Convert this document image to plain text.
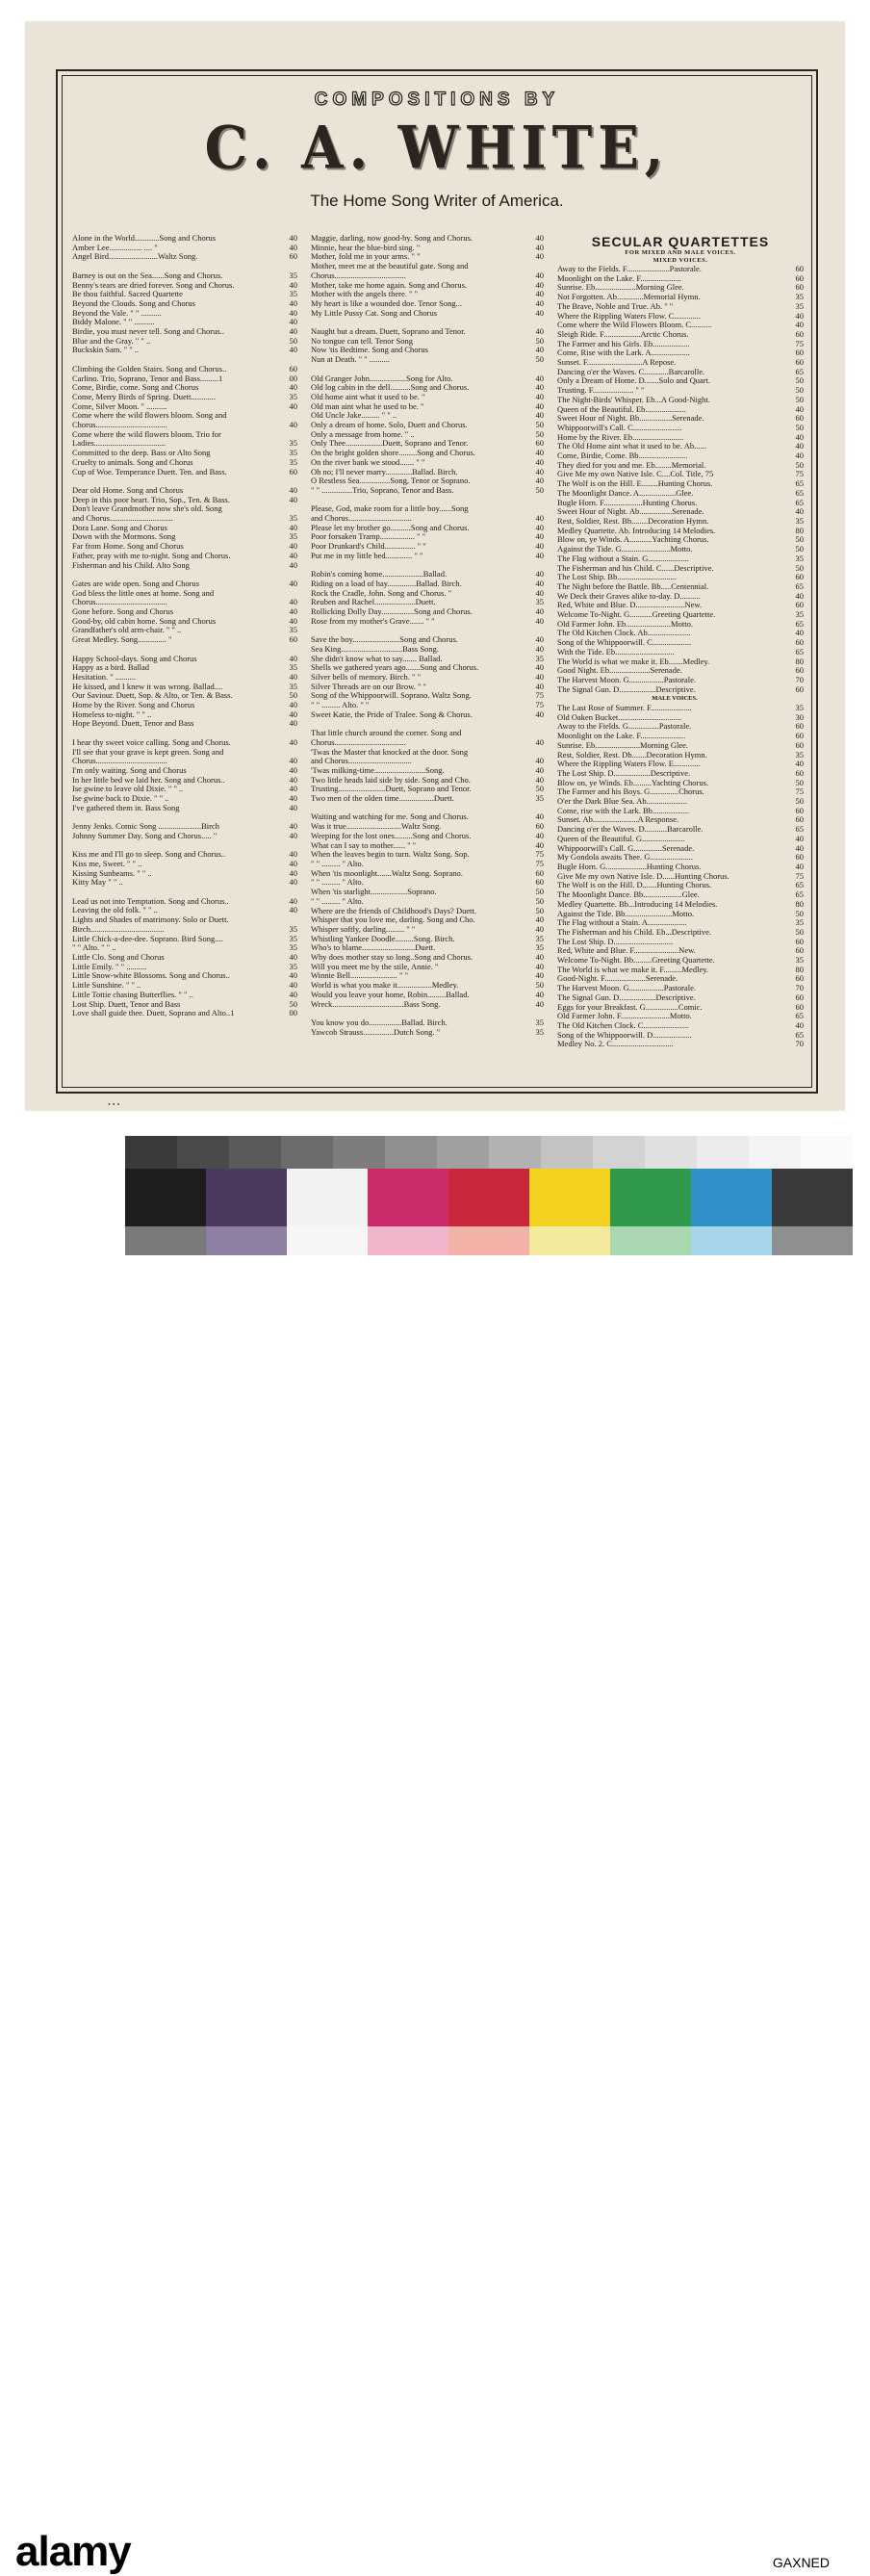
COMPOSITIONS BY
C. A. WHITE,
The Home Song Writer of America.
Alone in the World............Song and Chorus	40
Amber Lee................ .... "	40
Angel Bird........................Waltz Song.	60
Barney is out on the Sea......Song and Chorus.	35
Benny's tears are dried forever. Song and Chorus.	40
Be thou faithful. Sacred Quartette	35
Beyond the Clouds. Song and Chorus	40
Beyond the Vale. " " ..........	40
Biddy Malone. " " ..........	40
Birdie, you must never tell. Song and Chorus..	40
Blue and the Gray. " " ..	50
Buckskin Sam. " " ..	40
Climbing the Golden Stairs. Song and Chorus..	60
Carlino. Trio, Soprano, Tenor and Bass.........1	00
Come, Birdie, come. Song and Chorus	40
Come, Merry Birds of Spring. Duett............	35
Come, Silver Moon. " ..........	40
Come where the wild flowers bloom. Song and
Chorus...................................	40
Come where the wild flowers bloom. Trio for
Ladies...................................	35
Committed to the deep. Bass or Alto Song	35
Cruelty to animals. Song and Chorus	35
Cup of Woe. Temperance Duett. Ten. and Bass.	60
Dear old Home. Song and Chorus	40
Deep in this poor heart. Trio, Sop., Ten. & Bass.	40
Don't leave Grandmother now she's old. Song
and Chorus...............................	35
Dora Lane. Song and Chorus	40
Down with the Mormons. Song	35
Far from Home. Song and Chorus	40
Father, pray with me to-night. Song and Chorus.	40
Fisherman and his Child. Alto Song	40
Gates are wide open. Song and Chorus	40
God bless the little ones at home. Song and
Chorus...................................	40
Gone before. Song and Chorus	40
Good-by, old cabin home. Song and Chorus	40
Grandfather's old arm-chair. " " ..	35
Great Medley. Song.............. "	60
Happy School-days. Song and Chorus	40
Happy as a bird. Ballad	35
Hesitation. " ..........	40
He kissed, and I knew it was wrong. Ballad....	35
Our Saviour. Duett, Sop. & Alto, or Ten. & Bass.	50
Home by the River. Song and Chorus	40
Homeless to-night. " " ..	40
Hope Beyond. Duett, Tenor and Bass	40
I hear thy sweet voice calling. Song and Chorus.	40
I'll see that your grave is kept green. Song and
Chorus...................................	40
I'm only waiting. Song and Chorus	40
In her little bed we laid her. Song and Chorus..	40
Ise gwine to leave old Dixie. " " ..	40
Ise gwine back to Dixie. " " ..	40
I've gathered them in. Bass Song	40
Jenny Jenks. Comic Song .....................Birch	40
Johnny Summer Day. Song and Chorus..... "	40
Kiss me and I'll go to sleep. Song and Chorus..	40
Kiss me, Sweet. " " ..	40
Kissing Sunbeams. " " ..	40
Kitty May " " ..	40
Lead us not into Temptation. Song and Chorus..	40
Leaving the old folk. " " ..	40
Lights and Shades of matrimony. Solo or Duett.
Birch....................................	35
Little Chick-a-dee-dee. Soprano. Bird Song....	35
" " Alto. " " ..	35
Little Clo. Song and Chorus	40
Little Emily. " " ..........	35
Little Snow-white Blossoms. Song and Chorus..	40
Little Sunshine. " " ..	40
Little Tottie chasing Butterflies. " " ..	40
Lost Ship. Duett, Tenor and Bass	50
Love shall guide thee. Duett, Soprano and Alto..1	00
Maggie, darling, now good-by. Song and Chorus.	40
Minnie, hear the blue-bird sing. "	40
Mother, fold me in your arms. " "	40
Mother, meet me at the beautiful gate. Song and
Chorus...................................	40
Mother, take me home again. Song and Chorus.	40
Mother with the angels there. " "	40
My heart is like a wounded doe. Tenor Song...	40
My Little Pussy Cat. Song and Chorus	40
Naught but a dream. Duett, Soprano and Tenor.	40
No tongue can tell. Tenor Song	50
Now 'tis Bedtime. Song and Chorus	40
Nun at Death. " " ..........	50
Old Granger John..................Song for Alto.	40
Old log cabin in the dell..........Song and Chorus.	40
Old home aint what it used to be. "	40
Old man aint what he used to be. "	40
Old Uncle Jake......... " " ..	40
Only a dream of home. Solo, Duett and Chorus.	50
Only a message from home. " ..	50
Only Thee..................Duett, Soprano and Tenor.	60
On the bright golden shore.........Song and Chorus.	40
On the river bank we stood....... " "	40
Oh no; I'll never marry.............Ballad. Birch.	40
O Restless Sea...............Song, Tenor or Soprano.	40
" " ...............Trio, Soprano, Tenor and Bass.	50
Please, God, make room for a little boy......Song
and Chorus...............................	40
Please let my brother go..........Song and Chorus.	40
Poor forsaken Tramp................. " "	40
Poor Drunkard's Child............... " "	40
Put me in my little bed............. " "	40
Robin's coming home....................Ballad.	40
Riding on a load of hay..............Ballad. Birch.	40
Rock the Cradle, John. Song and Chorus. "	40
Reuben and Rachel....................Duett.	35
Rollicking Dolly Day................Song and Chorus.	40
Rose from my mother's Grave....... " "	40
Save the boy.......................Song and Chorus.	40
Sea King..............................Bass Song.	40
She didn't know what to say....... Ballad.	35
Shells we gathered years ago.......Song and Chorus.	40
Silver bells of memory. Birch. " "	40
Silver Threads are on our Brow. " "	40
Song of the Whippoorwill. Soprano. Waltz Song.	75
" " ......... Alto. " "	75
Sweet Katie, the Pride of Tralee. Song & Chorus.	40
That little church around the corner. Song and
Chorus...................................	40
'Twas the Master that knocked at the door. Song
and Chorus...............................	40
'Twas milking-time.........................Song.	40
Two little heads laid side by side. Song and Cho.	40
Trusting.......................Duett, Soprano and Tenor.	50
Two men of the olden time.................Duett.	35
Waiting and watching for me. Song and Chorus.	40
Was it true...........................Waltz Song.	60
Weeping for the lost ones.........Song and Chorus.	40
What can I say to mother...... " "	40
When the leaves begin to turn. Waltz Song. Sop.	75
" " ......... " Alto.	75
When 'tis moonlight.......Waltz Song. Soprano.	60
" " ......... " Alto.	60
When 'tis starlight..................Soprano.	50
" " ......... " Alto.	50
Where are the friends of Childhood's Days? Duett.	50
Whisper that you love me, darling. Song and Cho.	40
Whisper softly, darling......... " "	40
Whistling Yankee Doodle.........Song. Birch.	35
Who's to blame..........................Duett.	35
Why does mother stay so long..Song and Chorus.	40
Will you meet me by the stile, Annie. "	40
Winnie Bell....................... " "	40
World is what you make it.................Medley.	50
Would you leave your home, Robin.........Ballad.	40
Wreck...................................Bass Song.	40
You know you do................Ballad. Birch.	35
Yawcob Strauss...............Dutch Song. "	35
SECULAR QUARTETTES
FOR MIXED AND MALE VOICES.
MIXED VOICES.
Away to the Fields. F.....................Pastorale.	60
Moonlight on the Lake. F....................	60
Sunrise. Eb....................Morning Glee.	60
Not Forgotten. Ab.............Memorial Hymn.	35
The Brave, Noble and True. Ab. " "	35
Where the Rippling Waters Flow. C.............	40
Come where the Wild Flowers Bloom. C..........	40
Sleigh Ride. F..................Arctic Chorus.	60
The Farmer and his Girls. Eb..................	75
Come, Rise with the Lark. A...................	60
Sunset. F...........................A Repose.	60
Dancing o'er the Waves. C............Barcarolle.	65
Only a Dream of Home. D.......Solo and Quart.	50
Trusting. F.................... " "	50
The Night-Birds' Whisper. Eb...A Good-Night.	50
Queen of the Beautiful. Eb....................	40
Sweet Hour of Night. Bb................Serenade.	60
Whippoorwill's Call. C........................	50
Home by the River. Eb.........................	40
The Old Home aint what it used to be. Ab......	40
Come, Birdie, Come. Bb........................	40
They died for you and me. Eb........Memorial.	50
Give Me my own Native Isle. C....Col. Title, 75	75
The Wolf is on the Hill. E........Hunting Chorus.	65
The Moonlight Dance. A..................Glee.	65
Bugle Horn. F...................Hunting Chorus.	65
Sweet Hour of Night. Ab................Serenade.	40
Rest, Soldier, Rest. Bb........Decoration Hymn.	35
Medley Quartette. Ab. Introducing 14 Melodies.	80
Blow on, ye Winds. A...........Yachting Chorus.	50
Against the Tide. G........................Motto.	50
The Flag without a Stain. G....................	35
The Fisherman and his Child. C......Descriptive.	50
The Lost Ship. Bb.............................	60
The Night before the Battle. Bb.....Centennial.	65
We Deck their Graves alike to-day. D..........	40
Red, White and Blue. D........................New.	60
Welcome To-Night. G...........Greeting Quartette.	35
Old Farmer John. Eb......................Motto.	65
The Old Kitchen Clock. Ab.....................	40
Song of the Whippoorwill. C...................	60
With the Tide. Eb.............................	65
The World is what we make it. Eb.......Medley.	80
Good Night. Eb....................Serenade.	60
The Harvest Moon. G.................Pastorale.	70
The Signal Gun. D..................Descriptive.	60
MALE VOICES.
The Last Rose of Summer. F....................	35
Old Oaken Bucket...............................	30
Away to the Fields. G...............Pastorale.	60
Moonlight on the Lake. F......................	60
Sunrise. Eb......................Morning Glee.	60
Rest, Soldier, Rest. Db.......Decoration Hymn.	35
Where the Rippling Waters Flow. E.............	40
The Lost Ship. D..................Descriptive.	60
Blow on, ye Winds. Eb.........Yachting Chorus.	50
The Farmer and his Boys. G..............Chorus.	75
O'er the Dark Blue Sea. Ab....................	50
Come, rise with the Lark. Bb..................	60
Sunset. Ab......................A Response.	60
Dancing o'er the Waves. D...........Barcarolle.	65
Queen of the Beautiful. G.....................	40
Whippoorwill's Call. G..............Serenade.	40
My Gondola awaits Thee. G.....................	60
Bugle Horn. G....................Hunting Chorus.	40
Give Me my own Native Isle. D......Hunting Chorus.	75
The Wolf is on the Hill. D.......Hunting Chorus.	65
The Moonlight Dance. Bb...................Glee.	65
Medley Quartette. Bb...Introducing 14 Melodies.	80
Against the Tide. Bb.......................Motto.	50
The Flag without a Stain. A...................	35
The Fisherman and his Child. Eb...Descriptive.	50
The Lost Ship. D.............................	60
Red, White and Blue. F......................New.	60
Welcome To-Night. Bb.........Greeting Quartette.	35
The World is what we make it. F.........Medley.	80
Good-Night. F....................Serenade.	60
The Harvest Moon. G.................Pastorale.	70
The Signal Gun. D..................Descriptive.	60
Eggs for your Breakfast. G................Comic.	60
Old Farmer John. F........................Motto.	65
The Old Kitchen Clock. C......................	40
Song of the Whippoorwill. D...................	65
Medley No. 2. C..............................	70
• • •
alamy	GAXNED
